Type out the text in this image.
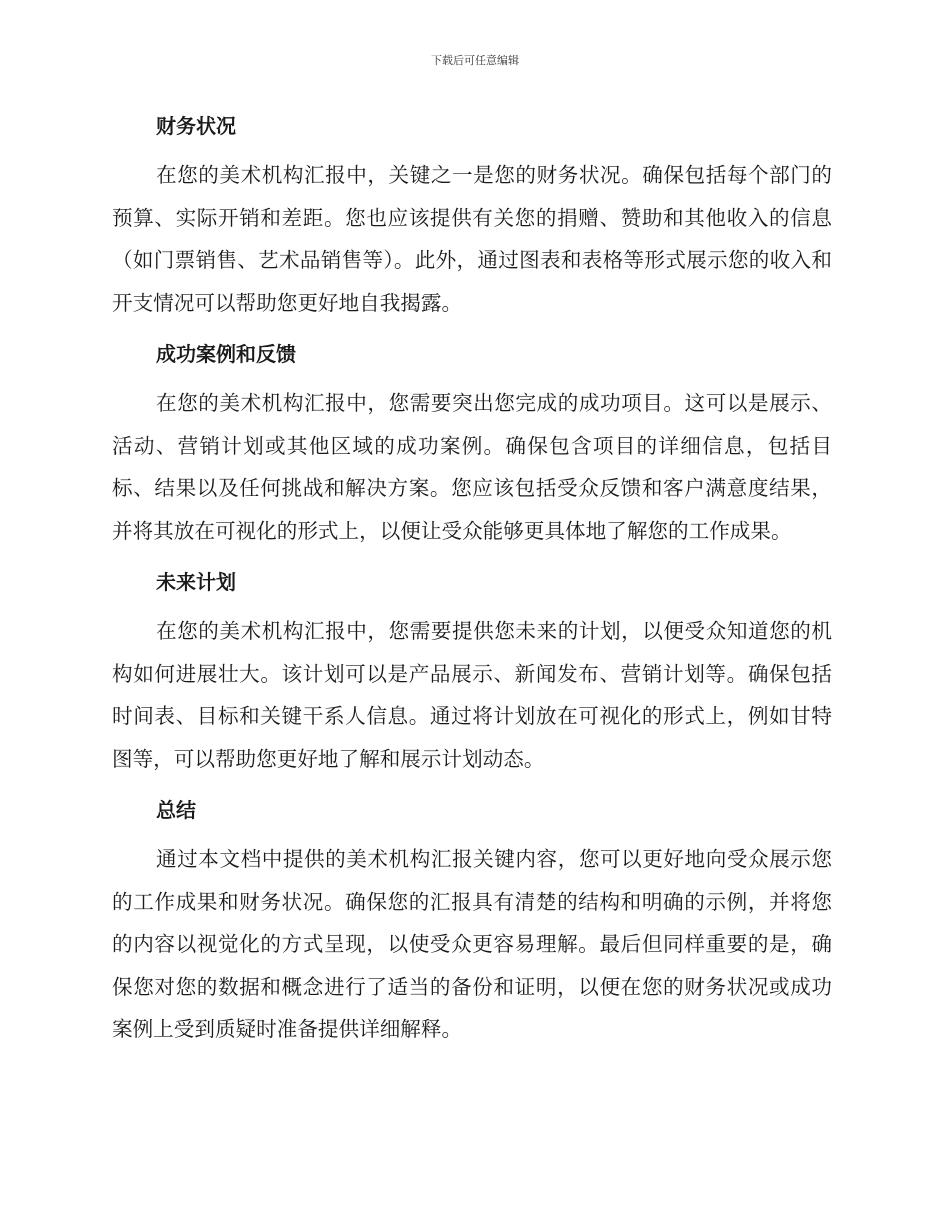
下载后可任意编辑
财务状况

在您的美术机构汇报中，关键之一是您的财务状况。确保包括每个部门的预算、实际开销和差距。您也应该提供有关您的捐赠、赞助和其他收入的信息（如门票销售、艺术品销售等）。此外，通过图表和表格等形式展示您的收入和开支情况可以帮助您更好地自我揭露。

成功案例和反馈

在您的美术机构汇报中，您需要突出您完成的成功项目。这可以是展示、活动、营销计划或其他区域的成功案例。确保包含项目的详细信息，包括目标、结果以及任何挑战和解决方案。您应该包括受众反馈和客户满意度结果，并将其放在可视化的形式上，以便让受众能够更具体地了解您的工作成果。

未来计划

在您的美术机构汇报中，您需要提供您未来的计划，以便受众知道您的机构如何进展壮大。该计划可以是产品展示、新闻发布、营销计划等。确保包括时间表、目标和关键干系人信息。通过将计划放在可视化的形式上，例如甘特图等，可以帮助您更好地了解和展示计划动态。

总结

通过本文档中提供的美术机构汇报关键内容，您可以更好地向受众展示您的工作成果和财务状况。确保您的汇报具有清楚的结构和明确的示例，并将您的内容以视觉化的方式呈现，以使受众更容易理解。最后但同样重要的是，确保您对您的数据和概念进行了适当的备份和证明，以便在您的财务状况或成功案例上受到质疑时准备提供详细解释。
